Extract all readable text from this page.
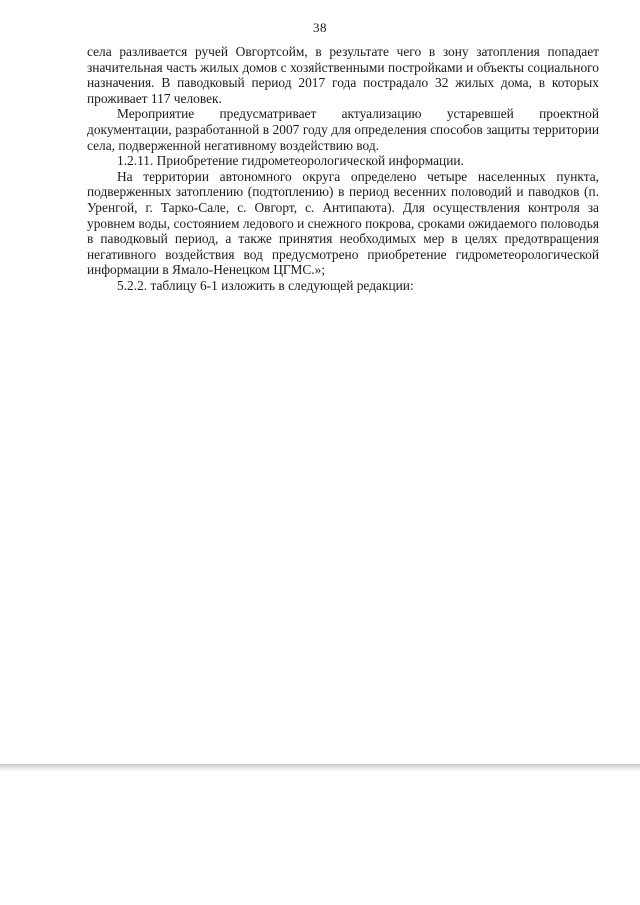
38

села разливается ручей Овгортсойм, в результате чего в зону затопления попадает значительная часть жилых домов с хозяйственными постройками и объекты социального назначения. В паводковый период 2017 года пострадало 32 жилых дома, в которых проживает 117 человек.

Мероприятие предусматривает актуализацию устаревшей проектной документации, разработанной в 2007 году для определения способов защиты территории села, подверженной негативному воздействию вод.

1.2.11. Приобретение гидрометеорологической информации.

На территории автономного округа определено четыре населенных пункта, подверженных затоплению (подтоплению) в период весенних половодий и паводков (п. Уренгой, г. Тарко-Сале, с. Овгорт, с. Антипаюта). Для осуществления контроля за уровнем воды, состоянием ледового и снежного покрова, сроками ожидаемого половодья в паводковый период, а также принятия необходимых мер в целях предотвращения негативного воздействия вод предусмотрено приобретение гидрометеорологической информации в Ямало-Ненецком ЦГМС.»;

5.2.2. таблицу 6-1 изложить в следующей редакции:
